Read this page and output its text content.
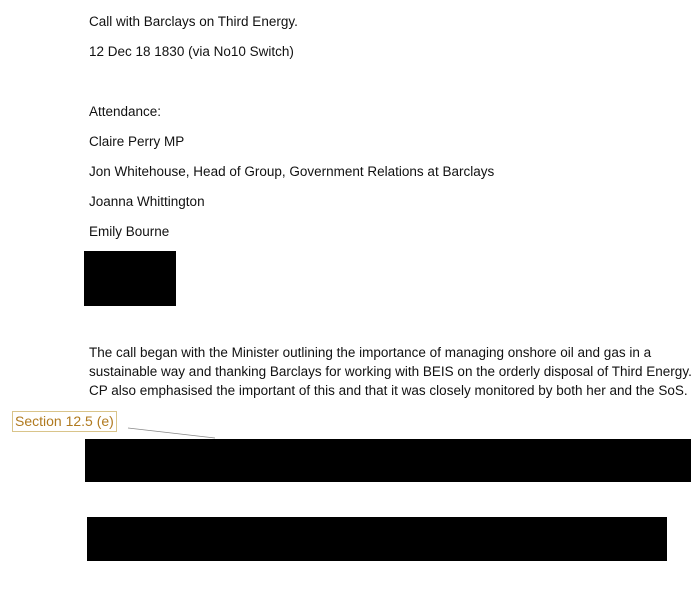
Call with Barclays on Third Energy.
12 Dec 18 1830 (via No10 Switch)
Attendance:
Claire Perry MP
Jon Whitehouse, Head of Group, Government Relations at Barclays
Joanna Whittington
Emily Bourne
The call began with the Minister outlining the importance of managing onshore oil and gas in a
sustainable way and thanking Barclays for working with BEIS on the orderly disposal of Third Energy.
CP also emphasised the important of this and that it was closely monitored by both her and the SoS.
Section 12.5 (e)
